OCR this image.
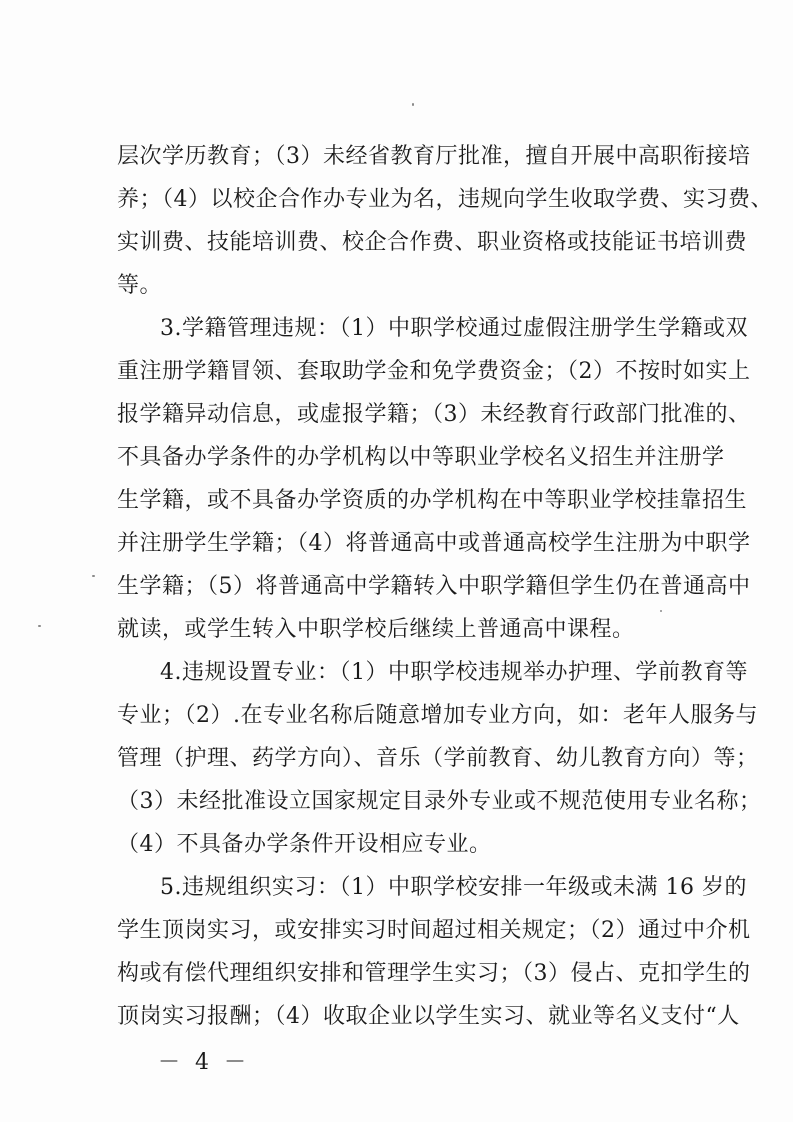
层次学历教育；（3）未经省教育厅批准，擅自开展中高职衔接培
养；（4）以校企合作办专业为名，违规向学生收取学费、实习费、
实训费、技能培训费、校企合作费、职业资格或技能证书培训费
等。
3.学籍管理违规：（1）中职学校通过虚假注册学生学籍或双
重注册学籍冒领、套取助学金和免学费资金；（2）不按时如实上
报学籍异动信息，或虚报学籍；（3）未经教育行政部门批准的、
不具备办学条件的办学机构以中等职业学校名义招生并注册学
生学籍，或不具备办学资质的办学机构在中等职业学校挂靠招生
并注册学生学籍；（4）将普通高中或普通高校学生注册为中职学
生学籍；（5）将普通高中学籍转入中职学籍但学生仍在普通高中
就读，或学生转入中职学校后继续上普通高中课程。
4.违规设置专业：（1）中职学校违规举办护理、学前教育等
专业；（2）.在专业名称后随意增加专业方向，如：老年人服务与
管理（护理、药学方向）、音乐（学前教育、幼儿教育方向）等；
（3）未经批准设立国家规定目录外专业或不规范使用专业名称；
（4）不具备办学条件开设相应专业。
5.违规组织实习：（1）中职学校安排一年级或未满 16 岁的
学生顶岗实习，或安排实习时间超过相关规定；（2）通过中介机
构或有偿代理组织安排和管理学生实习；（3）侵占、克扣学生的
顶岗实习报酬；（4）收取企业以学生实习、就业等名义支付“人
－ 4 －
